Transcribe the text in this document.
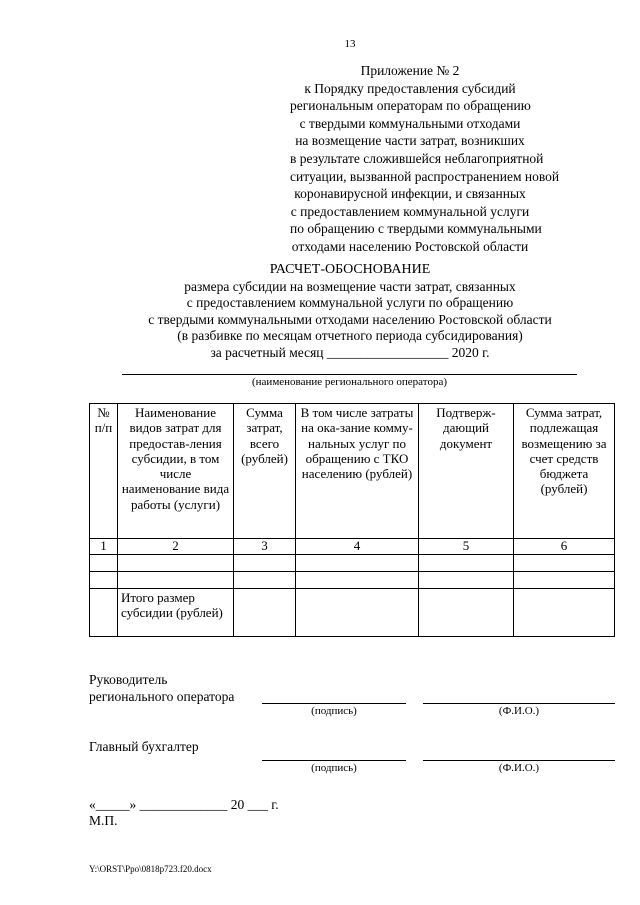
13
Приложение № 2
к Порядку предоставления субсидий
региональным операторам по обращению
с твердыми коммунальными отходами
на возмещение части затрат, возникших
в результате сложившейся неблагоприятной
ситуации, вызванной распространением новой
коронавирусной инфекции, и связанных
с предоставлением коммунальной услуги
по обращению с твердыми коммунальными
отходами населению Ростовской области
РАСЧЕТ-ОБОСНОВАНИЕ
размера субсидии на возмещение части затрат, связанных
с предоставлением коммунальной услуги по обращению
с твердыми коммунальными отходами населению Ростовской области
(в разбивке по месяцам отчетного периода субсидирования)
за расчетный месяц __________________ 2020 г.
(наименование регионального оператора)
№ п/п	Наименование видов затрат для предостав-ления субсидии, в том числе наименование вида работы (услуги)	Сумма затрат, всего (рублей)	В том числе затраты на ока-зание комму-нальных услуг по обращению с ТКО населению (рублей)	Подтверж-дающий документ	Сумма затрат, подлежащая возмещению за счет средств бюджета (рублей)
1	2	3	4	5	6

	Итого размер субсидии (рублей)				
Руководитель
регионального оператора
(подпись)	(Ф.И.О.)
Главный бухгалтер
(подпись)	(Ф.И.О.)
«_____» _____________ 20 ___ г.
М.П.
Y:\ORST\Ppo\0818p723.f20.docx
